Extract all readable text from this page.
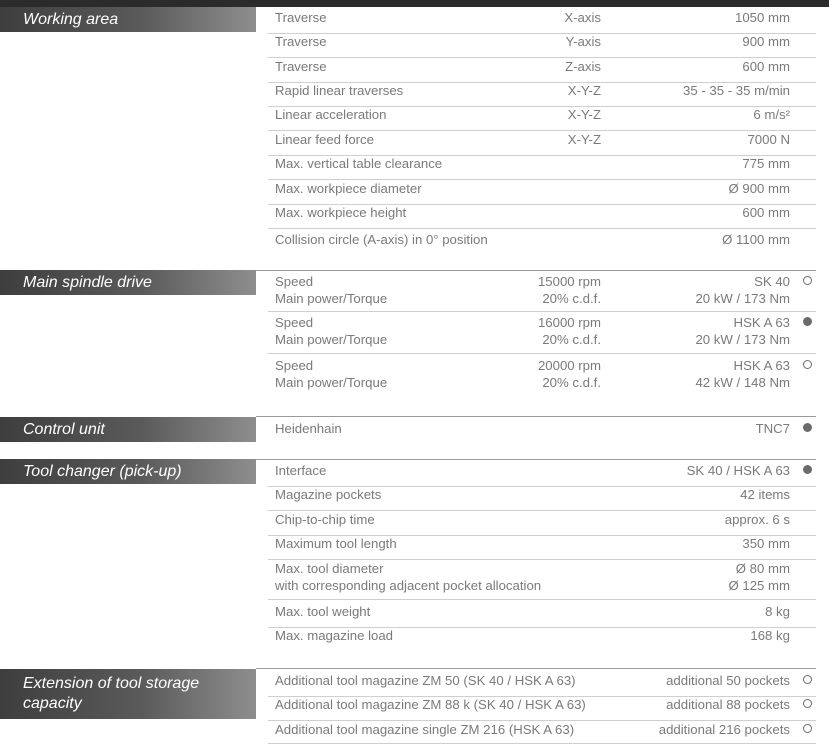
Working area	Traverse	X-axis	1050 mm
Traverse	Y-axis	900 mm
Traverse	Z-axis	600 mm
Rapid linear traverses	X-Y-Z	35 - 35 - 35 m/min
Linear acceleration	X-Y-Z	6 m/s²
Linear feed force	X-Y-Z	7000 N
Max. vertical table clearance	775 mm
Max. workpiece diameter	Ø 900 mm
Max. workpiece height	600 mm
Collision circle (A-axis) in 0° position	Ø 1100 mm
Main spindle drive	Speed	15000 rpm	SK 40
Main power/Torque	20% c.d.f.	20 kW / 173 Nm
Speed	16000 rpm	HSK A 63
Main power/Torque	20% c.d.f.	20 kW / 173 Nm
Speed	20000 rpm	HSK A 63
Main power/Torque	20% c.d.f.	42 kW / 148 Nm
Control unit	Heidenhain	TNC7
Tool changer (pick-up)	Interface	SK 40 / HSK A 63
Magazine pockets	42 items
Chip-to-chip time	approx. 6 s
Maximum tool length	350 mm
Max. tool diameter	Ø 80 mm
with corresponding adjacent pocket allocation	Ø 125 mm
Max. tool weight	8 kg
Max. magazine load	168 kg
Extension of tool storage
capacity
Additional tool magazine ZM 50 (SK 40 / HSK A 63)	additional 50 pockets
Additional tool magazine ZM 88 k (SK 40 / HSK A 63)	additional 88 pockets
Additional tool magazine single ZM 216 (HSK A 63)	additional 216 pockets
